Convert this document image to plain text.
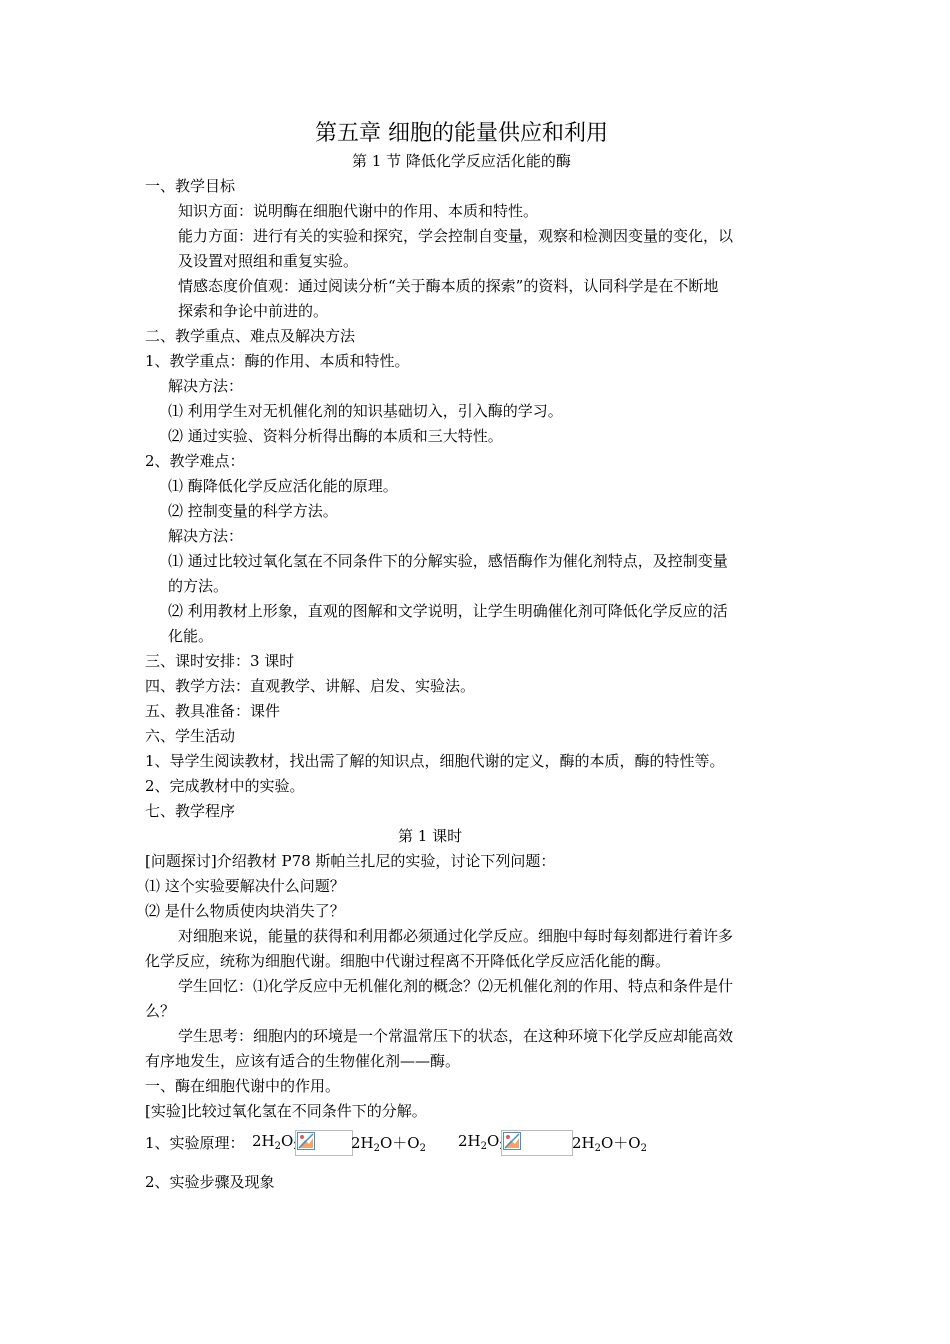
第五章 细胞的能量供应和利用
第 1 节 降低化学反应活化能的酶
一、教学目标
知识方面：说明酶在细胞代谢中的作用、本质和特性。
能力方面：进行有关的实验和探究，学会控制自变量，观察和检测因变量的变化，以
及设置对照组和重复实验。
情感态度价值观：通过阅读分析“关于酶本质的探索”的资料，认同科学是在不断地
探索和争论中前进的。
二、教学重点、难点及解决方法
1、教学重点：酶的作用、本质和特性。
解决方法：
⑴ 利用学生对无机催化剂的知识基础切入，引入酶的学习。
⑵ 通过实验、资料分析得出酶的本质和三大特性。
2、教学难点：
⑴ 酶降低化学反应活化能的原理。
⑵ 控制变量的科学方法。
解决方法：
⑴ 通过比较过氧化氢在不同条件下的分解实验，感悟酶作为催化剂特点，及控制变量
的方法。
⑵ 利用教材上形象，直观的图解和文学说明，让学生明确催化剂可降低化学反应的活
化能。
三、课时安排：3 课时
四、教学方法：直观教学、讲解、启发、实验法。
五、教具准备：课件
六、学生活动
1、导学生阅读教材，找出需了解的知识点，细胞代谢的定义，酶的本质，酶的特性等。
2、完成教材中的实验。
七、教学程序
第 1 课时
[问题探讨]介绍教材 P78 斯帕兰扎尼的实验，讨论下列问题：
⑴ 这个实验要解决什么问题？
⑵ 是什么物质使肉块消失了？
对细胞来说，能量的获得和利用都必须通过化学反应。细胞中每时每刻都进行着许多
化学反应，统称为细胞代谢。细胞中代谢过程离不开降低化学反应活化能的酶。
学生回忆：⑴化学反应中无机催化剂的概念？⑵无机催化剂的作用、特点和条件是什
么？
学生思考：细胞内的环境是一个常温常压下的状态，在这种环境下化学反应却能高效
有序地发生，应该有适合的生物催化剂——酶。
一、酶在细胞代谢中的作用。
[实验]比较过氧化氢在不同条件下的分解。
1、实验原理： $2H_2O$	$2H_2O+O_2$ $2H_2O$	$2H_2O+O_2$
2、实验步骤及现象
